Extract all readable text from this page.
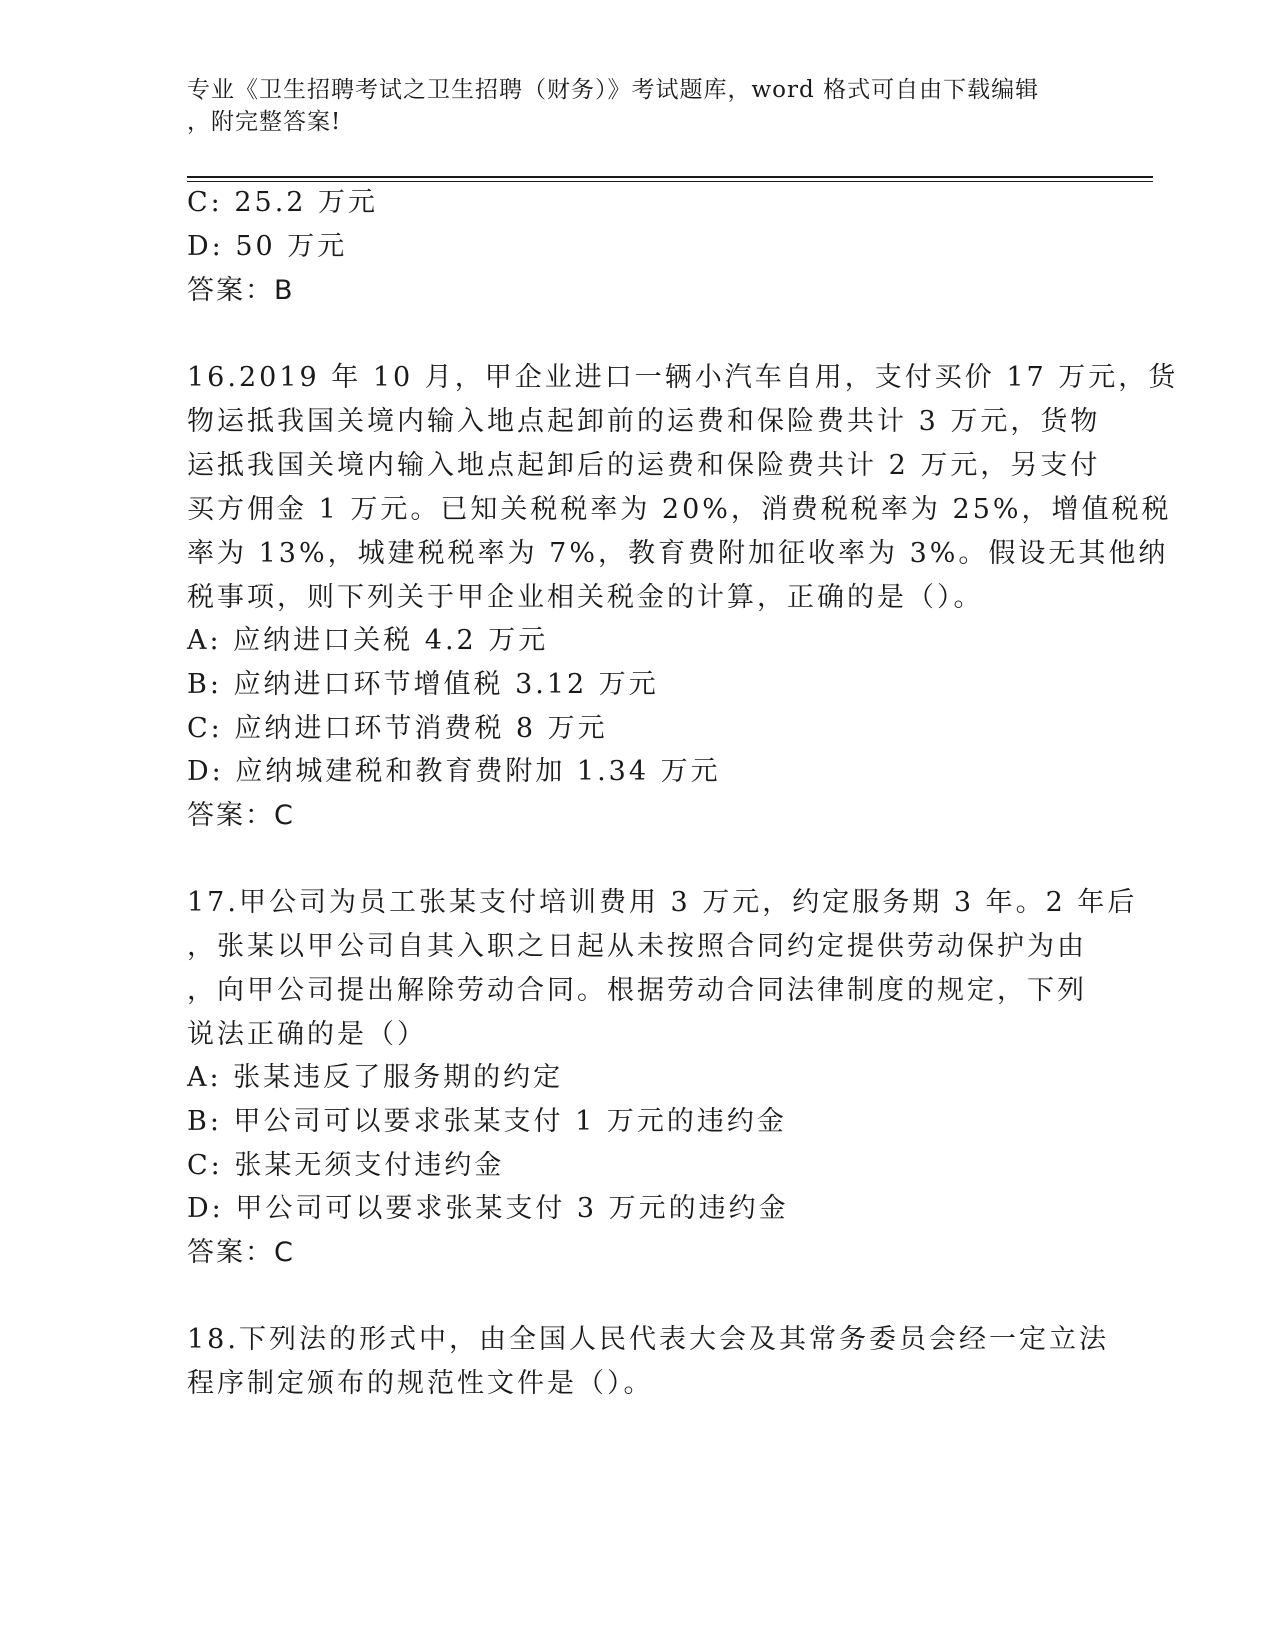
专业《卫生招聘考试之卫生招聘（财务）》考试题库，word 格式可自由下载编辑
，附完整答案!
C: 25.2 万元
D: 50 万元
答案：B
16.2019 年 10 月，甲企业进口一辆小汽车自用，支付买价 17 万元，货
物运抵我国关境内输入地点起卸前的运费和保险费共计 3 万元，货物
运抵我国关境内输入地点起卸后的运费和保险费共计 2 万元，另支付
买方佣金 1 万元。已知关税税率为 20%，消费税税率为 25%，增值税税
率为 13%，城建税税率为 7%，教育费附加征收率为 3%。假设无其他纳
税事项，则下列关于甲企业相关税金的计算，正确的是（）。
A: 应纳进口关税 4.2 万元
B: 应纳进口环节增值税 3.12 万元
C: 应纳进口环节消费税 8 万元
D: 应纳城建税和教育费附加 1.34 万元
答案：C
17.甲公司为员工张某支付培训费用 3 万元，约定服务期 3 年。2 年后
，张某以甲公司自其入职之日起从未按照合同约定提供劳动保护为由
，向甲公司提出解除劳动合同。根据劳动合同法律制度的规定，下列
说法正确的是（）
A: 张某违反了服务期的约定
B: 甲公司可以要求张某支付 1 万元的违约金
C: 张某无须支付违约金
D: 甲公司可以要求张某支付 3 万元的违约金
答案：C
18.下列法的形式中，由全国人民代表大会及其常务委员会经一定立法
程序制定颁布的规范性文件是（）。
